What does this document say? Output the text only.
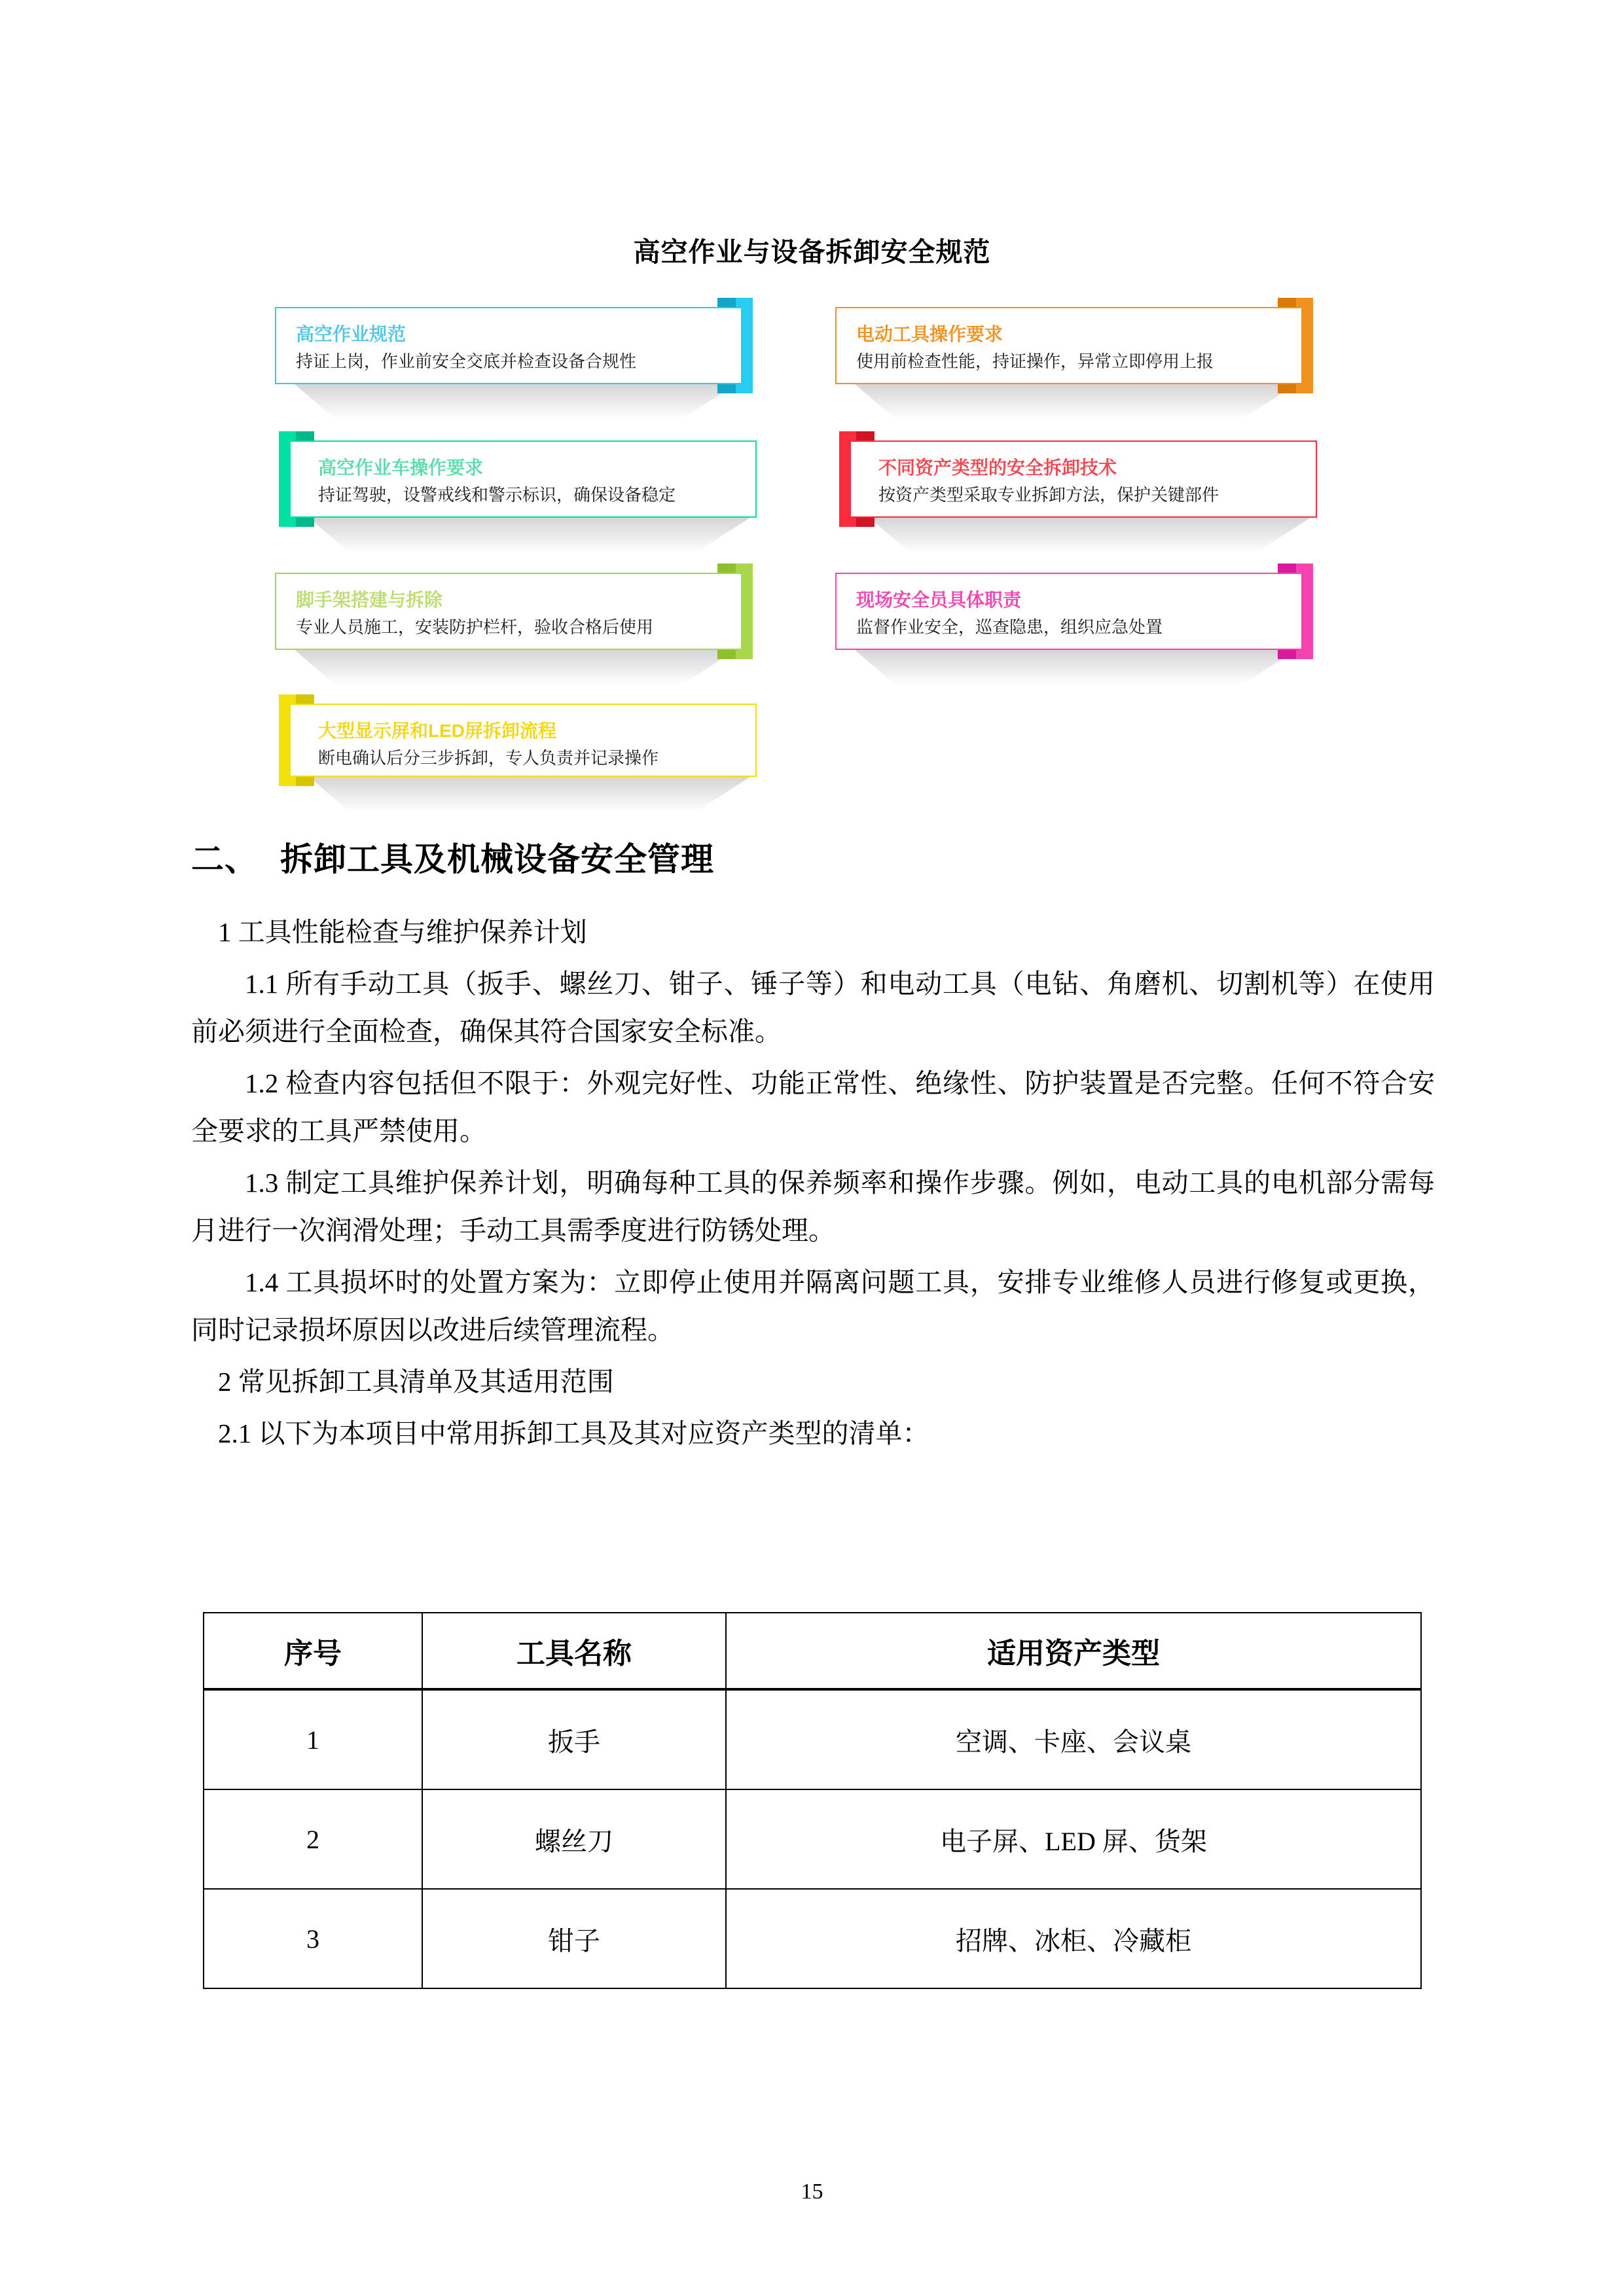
高空作业与设备拆卸安全规范
高空作业规范
持证上岗，作业前安全交底并检查设备合规性
电动工具操作要求
使用前检查性能，持证操作，异常立即停用上报
高空作业车操作要求
持证驾驶，设警戒线和警示标识，确保设备稳定
不同资产类型的安全拆卸技术
按资产类型采取专业拆卸方法，保护关键部件
脚手架搭建与拆除
专业人员施工，安装防护栏杆，验收合格后使用
现场安全员具体职责
监督作业安全，巡查隐患，组织应急处置
大型显示屏和LED屏拆卸流程
断电确认后分三步拆卸，专人负责并记录操作
二、 拆卸工具及机械设备安全管理

1 工具性能检查与维护保养计划

1.1 所有手动工具（扳手、螺丝刀、钳子、锤子等）和电动工具（电钻、角磨机、切割机等）在使用前必须进行全面检查，确保其符合国家安全标准。

1.2 检查内容包括但不限于：外观完好性、功能正常性、绝缘性、防护装置是否完整。任何不符合安全要求的工具严禁使用。

1.3 制定工具维护保养计划，明确每种工具的保养频率和操作步骤。例如，电动工具的电机部分需每月进行一次润滑处理；手动工具需季度进行防锈处理。

1.4 工具损坏时的处置方案为：立即停止使用并隔离问题工具，安排专业维修人员进行修复或更换，同时记录损坏原因以改进后续管理流程。

2 常见拆卸工具清单及其适用范围

2.1 以下为本项目中常用拆卸工具及其对应资产类型的清单：

序号	工具名称	适用资产类型
1	扳手	空调、卡座、会议桌
2	螺丝刀	电子屏、LED 屏、货架
3	钳子	招牌、冰柜、冷藏柜
15
